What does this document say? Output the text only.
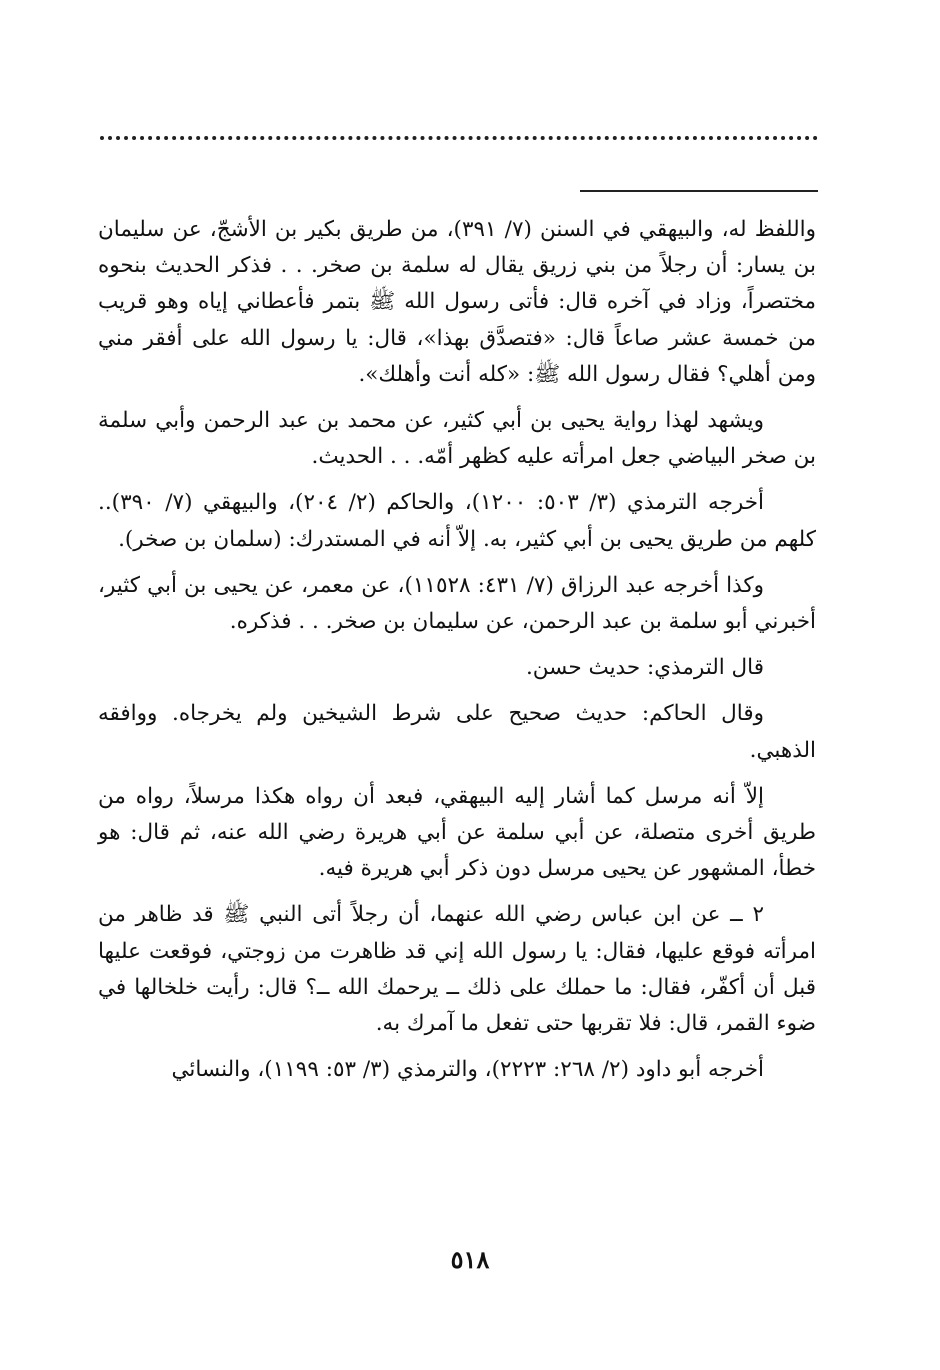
واللفظ له، والبيهقي في السنن (٧/ ٣٩١)، من طريق بكير بن الأشجّ، عن سليمان بن يسار: أن رجلاً من بني زريق يقال له سلمة بن صخر. . . فذكر الحديث بنحوه مختصراً، وزاد في آخره قال: فأتى رسول الله ﷺ بتمر فأعطاني إياه وهو قريب من خمسة عشر صاعاً قال: «فتصدَّق بهذا»، قال: يا رسول الله على أفقر مني ومن أهلي؟ فقال رسول الله ﷺ: «كله أنت وأهلك».

ويشهد لهذا رواية يحيى بن أبي كثير، عن محمد بن عبد الرحمن وأبي سلمة بن صخر البياضي جعل امرأته عليه كظهر أمّه. . . الحديث.

أخرجه الترمذي (٣/ ٥٠٣: ١٢٠٠)، والحاكم (٢/ ٢٠٤)، والبيهقي (٧/ ٣٩٠).. كلهم من طريق يحيى بن أبي كثير، به. إلاّ أنه في المستدرك: (سلمان بن صخر).

وكذا أخرجه عبد الرزاق (٧/ ٤٣١: ١١٥٢٨)، عن معمر، عن يحيى بن أبي كثير، أخبرني أبو سلمة بن عبد الرحمن، عن سليمان بن صخر. . . فذكره.

قال الترمذي: حديث حسن.

وقال الحاكم: حديث صحيح على شرط الشيخين ولم يخرجاه. ووافقه الذهبي.

إلاّ أنه مرسل كما أشار إليه البيهقي، فبعد أن رواه هكذا مرسلاً، رواه من طريق أخرى متصلة، عن أبي سلمة عن أبي هريرة رضي الله عنه، ثم قال: هو خطأ، المشهور عن يحيى مرسل دون ذكر أبي هريرة فيه.

٢ ــ عن ابن عباس رضي الله عنهما، أن رجلاً أتى النبي ﷺ قد ظاهر من امرأته فوقع عليها، فقال: يا رسول الله إني قد ظاهرت من زوجتي، فوقعت عليها قبل أن أكفّر، فقال: ما حملك على ذلك ــ يرحمك الله ــ؟ قال: رأيت خلخالها في ضوء القمر، قال: فلا تقربها حتى تفعل ما آمرك به.

أخرجه أبو داود (٢/ ٢٦٨: ٢٢٢٣)، والترمذي (٣/ ٥٣: ١١٩٩)، والنسائي

٥١٨
